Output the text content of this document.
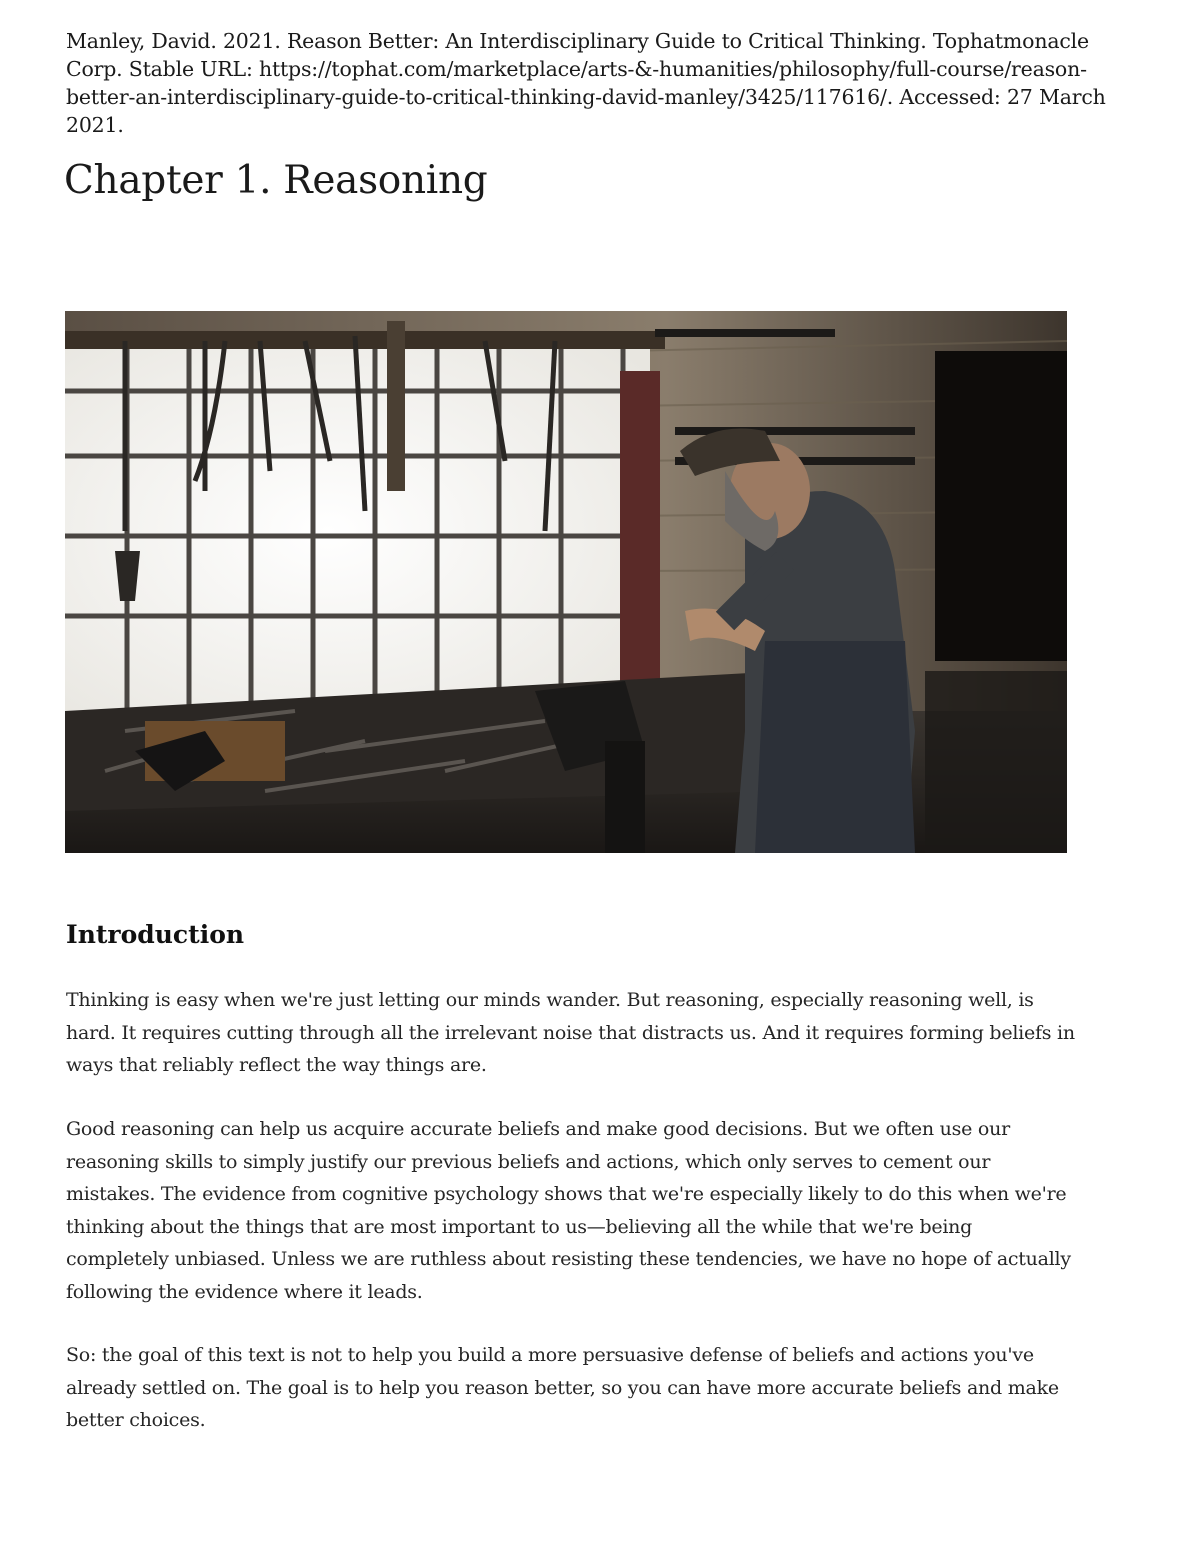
Manley, David. 2021. Reason Better: An Interdisciplinary Guide to Critical Thinking. Tophatmonacle Corp. Stable URL: https://tophat.com/marketplace/arts-&-humanities/philosophy/full-course/reason-better-an-interdisciplinary-guide-to-critical-thinking-david-manley/3425/117616/. Accessed: 27 March 2021.
Chapter 1. Reasoning
Introduction

Thinking is easy when we're just letting our minds wander. But reasoning, especially reasoning well, is hard. It requires cutting through all the irrelevant noise that distracts us. And it requires forming beliefs in ways that reliably reflect the way things are.

Good reasoning can help us acquire accurate beliefs and make good decisions. But we often use our reasoning skills to simply justify our previous beliefs and actions, which only serves to cement our mistakes. The evidence from cognitive psychology shows that we're especially likely to do this when we're thinking about the things that are most important to us—believing all the while that we're being completely unbiased. Unless we are ruthless about resisting these tendencies, we have no hope of actually following the evidence where it leads.

So: the goal of this text is not to help you build a more persuasive defense of beliefs and actions you've already settled on. The goal is to help you reason better, so you can have more accurate beliefs and make better choices.
